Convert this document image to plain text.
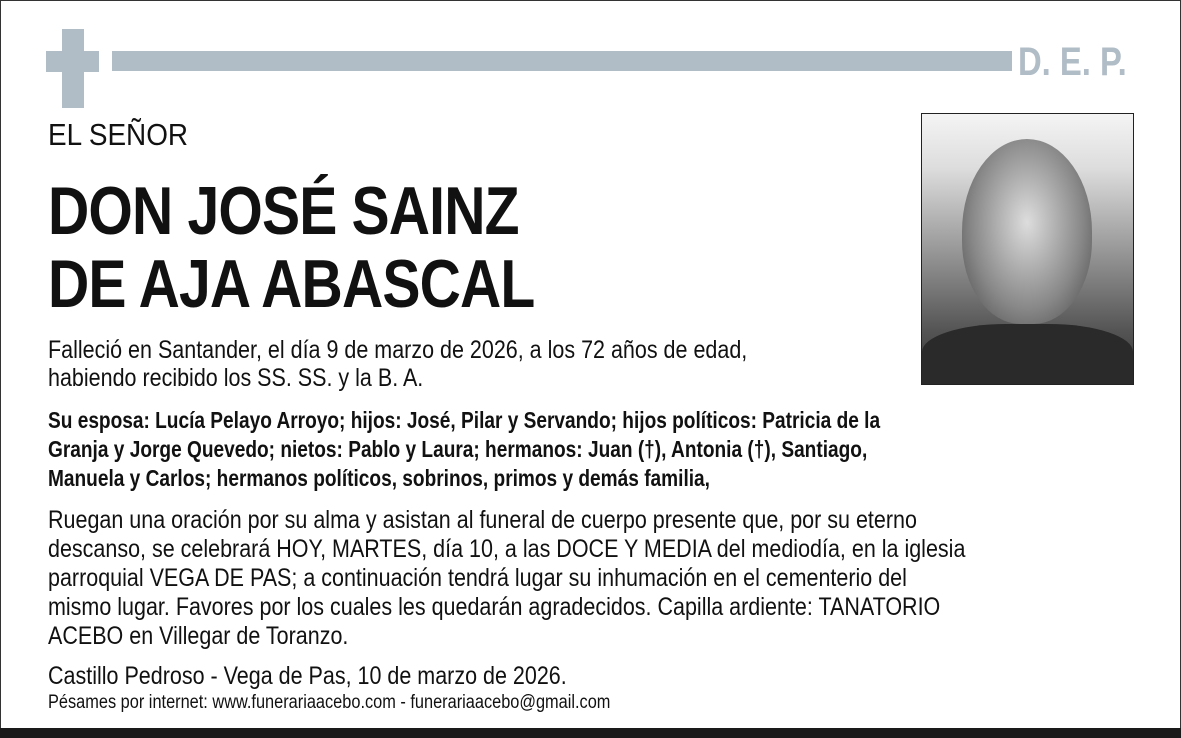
D. E. P.
EL SEÑOR
DON JOSÉ SAINZ
DE AJA ABASCAL
Falleció en Santander, el día 9 de marzo de 2026, a los 72 años de edad,
habiendo recibido los SS. SS. y la B. A.
Su esposa: Lucía Pelayo Arroyo; hijos: José, Pilar y Servando; hijos políticos: Patricia de la
Granja y Jorge Quevedo; nietos: Pablo y Laura; hermanos: Juan (†), Antonia (†), Santiago,
Manuela y Carlos; hermanos políticos, sobrinos, primos y demás familia,
Ruegan una oración por su alma y asistan al funeral de cuerpo presente que, por su eterno
descanso, se celebrará HOY, MARTES, día 10, a las DOCE Y MEDIA del mediodía, en la iglesia
parroquial VEGA DE PAS; a continuación tendrá lugar su inhumación en el cementerio del
mismo lugar. Favores por los cuales les quedarán agradecidos. Capilla ardiente: TANATORIO
ACEBO en Villegar de Toranzo.
Castillo Pedroso - Vega de Pas, 10 de marzo de 2026.
Pésames por internet: www.funerariaacebo.com - funerariaacebo@gmail.com
